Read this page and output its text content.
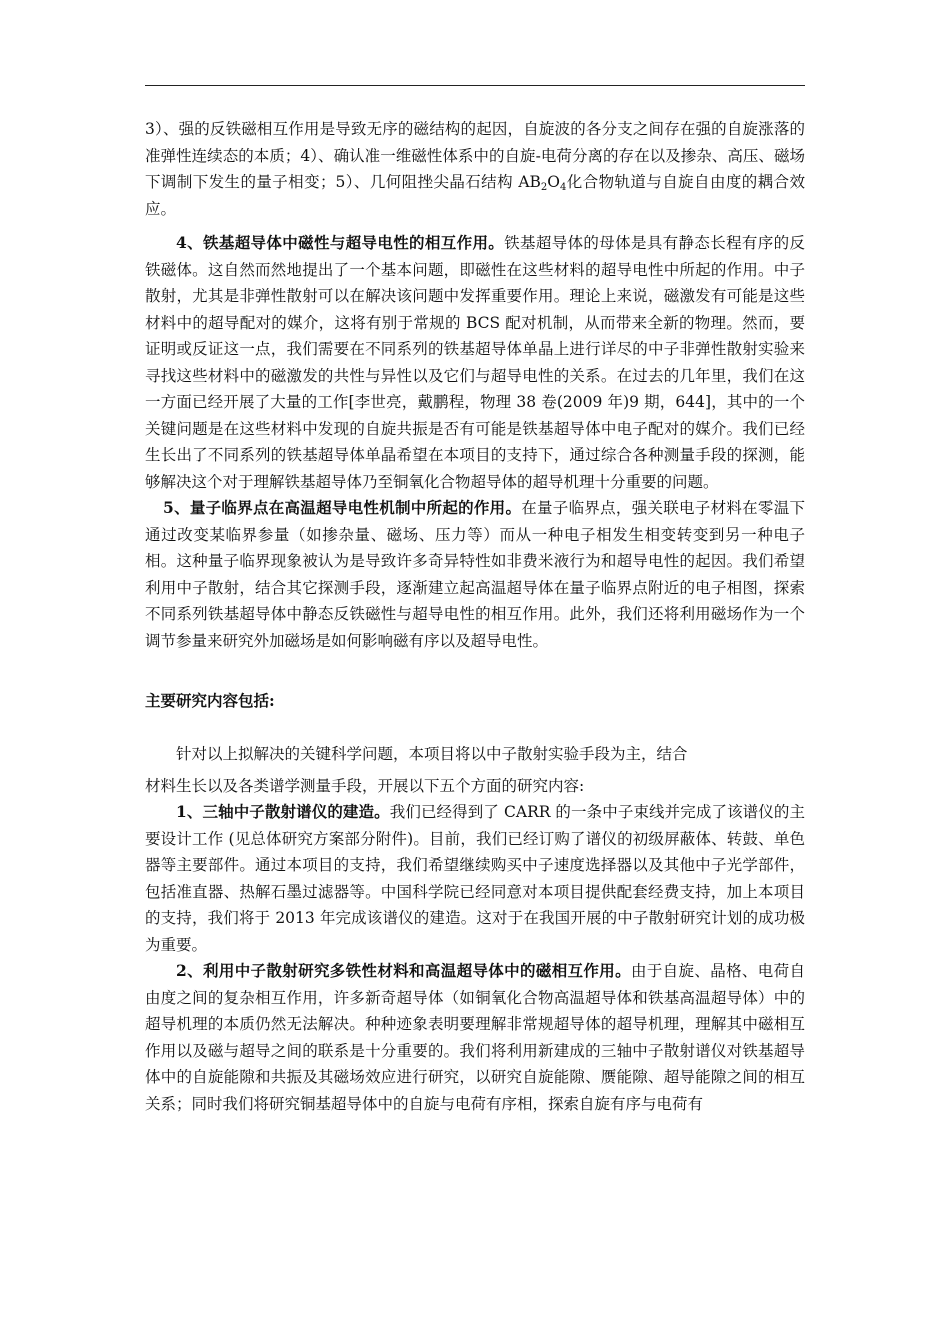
3）、强的反铁磁相互作用是导致无序的磁结构的起因，自旋波的各分支之间存在强的自旋涨落的准弹性连续态的本质；4）、确认准一维磁性体系中的自旋-电荷分离的存在以及掺杂、高压、磁场下调制下发生的量子相变；5）、几何阻挫尖晶石结构 $AB_2O_4$化合物轨道与自旋自由度的耦合效应。

4、铁基超导体中磁性与超导电性的相互作用。铁基超导体的母体是具有静态长程有序的反铁磁体。这自然而然地提出了一个基本问题，即磁性在这些材料的超导电性中所起的作用。中子散射，尤其是非弹性散射可以在解决该问题中发挥重要作用。理论上来说，磁激发有可能是这些材料中的超导配对的媒介，这将有别于常规的 BCS 配对机制，从而带来全新的物理。然而，要证明或反证这一点，我们需要在不同系列的铁基超导体单晶上进行详尽的中子非弹性散射实验来寻找这些材料中的磁激发的共性与异性以及它们与超导电性的关系。在过去的几年里，我们在这一方面已经开展了大量的工作[李世亮，戴鹏程，物理 38 卷(2009 年)9 期，644]，其中的一个关键问题是在这些材料中发现的自旋共振是否有可能是铁基超导体中电子配对的媒介。我们已经生长出了不同系列的铁基超导体单晶希望在本项目的支持下，通过综合各种测量手段的探测，能够解决这个对于理解铁基超导体乃至铜氧化合物超导体的超导机理十分重要的问题。

5、量子临界点在高温超导电性机制中所起的作用。在量子临界点，强关联电子材料在零温下通过改变某临界参量（如掺杂量、磁场、压力等）而从一种电子相发生相变转变到另一种电子相。这种量子临界现象被认为是导致许多奇异特性如非费米液行为和超导电性的起因。我们希望利用中子散射，结合其它探测手段，逐渐建立起高温超导体在量子临界点附近的电子相图，探索不同系列铁基超导体中静态反铁磁性与超导电性的相互作用。此外，我们还将利用磁场作为一个调节参量来研究外加磁场是如何影响磁有序以及超导电性。

主要研究内容包括:

针对以上拟解决的关键科学问题，本项目将以中子散射实验手段为主，结合

材料生长以及各类谱学测量手段，开展以下五个方面的研究内容:

1、三轴中子散射谱仪的建造。我们已经得到了 CARR 的一条中子束线并完成了该谱仪的主要设计工作 (见总体研究方案部分附件)。目前，我们已经订购了谱仪的初级屏蔽体、转鼓、单色器等主要部件。通过本项目的支持，我们希望继续购买中子速度选择器以及其他中子光学部件，包括准直器、热解石墨过滤器等。中国科学院已经同意对本项目提供配套经费支持，加上本项目的支持，我们将于 2013 年完成该谱仪的建造。这对于在我国开展的中子散射研究计划的成功极为重要。

2、利用中子散射研究多铁性材料和高温超导体中的磁相互作用。由于自旋、晶格、电荷自由度之间的复杂相互作用，许多新奇超导体（如铜氧化合物高温超导体和铁基高温超导体）中的超导机理的本质仍然无法解决。种种迹象表明要理解非常规超导体的超导机理，理解其中磁相互作用以及磁与超导之间的联系是十分重要的。我们将利用新建成的三轴中子散射谱仪对铁基超导体中的自旋能隙和共振及其磁场效应进行研究，以研究自旋能隙、赝能隙、超导能隙之间的相互关系；同时我们将研究铜基超导体中的自旋与电荷有序相，探索自旋有序与电荷有
